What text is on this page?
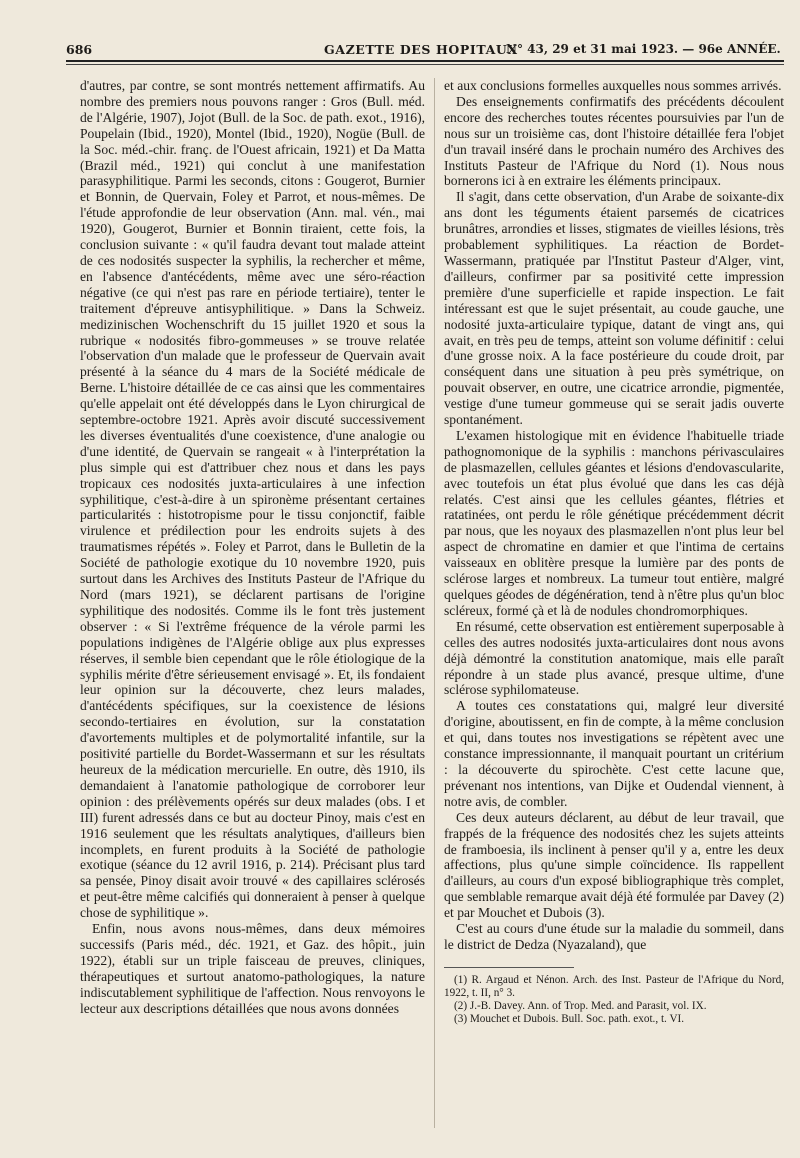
686	GAZETTE DES HOPITAUX
N° 43, 29 et 31 mai 1923. — 96e ANNÉE.

d'autres, par contre, se sont montrés nettement affirmatifs. Au nombre des premiers nous pouvons ranger : Gros (Bull. méd. de l'Algérie, 1907), Jojot (Bull. de la Soc. de path. exot., 1916), Poupelain (Ibid., 1920), Montel (Ibid., 1920), Nogüe (Bull. de la Soc. méd.-chir. franç. de l'Ouest africain, 1921) et Da Matta (Brazil méd., 1921) qui conclut à une manifestation parasyphilitique. Parmi les seconds, citons : Gougerot, Burnier et Bonnin, de Quervain, Foley et Parrot, et nous-mêmes. De l'étude approfondie de leur observation (Ann. mal. vén., mai 1920), Gougerot, Burnier et Bonnin tiraient, cette fois, la conclusion suivante : « qu'il faudra devant tout malade atteint de ces nodosités suspecter la syphilis, la rechercher et même, en l'absence d'antécédents, même avec une séro-réaction négative (ce qui n'est pas rare en période tertiaire), tenter le traitement d'épreuve antisyphilitique. » Dans la Schweiz. medizinischen Wochenschrift du 15 juillet 1920 et sous la rubrique « nodosités fibro-gommeuses » se trouve relatée l'observation d'un malade que le professeur de Quervain avait présenté à la séance du 4 mars de la Société médicale de Berne. L'histoire détaillée de ce cas ainsi que les commentaires qu'elle appelait ont été développés dans le Lyon chirurgical de septembre-octobre 1921. Après avoir discuté successivement les diverses éventualités d'une coexistence, d'une analogie ou d'une identité, de Quervain se rangeait « à l'interprétation la plus simple qui est d'attribuer chez nous et dans les pays tropicaux ces nodosités juxta-articulaires à une infection syphilitique, c'est-à-dire à un spironème présentant certaines particularités : histotropisme pour le tissu conjonctif, faible virulence et prédilection pour les endroits sujets à des traumatismes répétés ». Foley et Parrot, dans le Bulletin de la Société de pathologie exotique du 10 novembre 1920, puis surtout dans les Archives des Instituts Pasteur de l'Afrique du Nord (mars 1921), se déclarent partisans de l'origine syphilitique des nodosités. Comme ils le font très justement observer : « Si l'extrême fréquence de la vérole parmi les populations indigènes de l'Algérie oblige aux plus expresses réserves, il semble bien cependant que le rôle étiologique de la syphilis mérite d'être sérieusement envisagé ». Et, ils fondaient leur opinion sur la découverte, chez leurs malades, d'antécédents spécifiques, sur la coexistence de lésions secondo-tertiaires en évolution, sur la constatation d'avortements multiples et de polymortalité infantile, sur la positivité partielle du Bordet-Wassermann et sur les résultats heureux de la médication mercurielle. En outre, dès 1910, ils demandaient à l'anatomie pathologique de corroborer leur opinion : des prélèvements opérés sur deux malades (obs. I et III) furent adressés dans ce but au docteur Pinoy, mais c'est en 1916 seulement que les résultats analytiques, d'ailleurs bien incomplets, en furent produits à la Société de pathologie exotique (séance du 12 avril 1916, p. 214). Précisant plus tard sa pensée, Pinoy disait avoir trouvé « des capillaires sclérosés et peut-être même calcifiés qui donneraient à penser à quelque chose de syphilitique ».

Enfin, nous avons nous-mêmes, dans deux mémoires successifs (Paris méd., déc. 1921, et Gaz. des hôpit., juin 1922), établi sur un triple faisceau de preuves, cliniques, thérapeutiques et surtout anatomo-pathologiques, la nature indiscutablement syphilitique de l'affection. Nous renvoyons le lecteur aux descriptions détaillées que nous avons données

et aux conclusions formelles auxquelles nous sommes arrivés.

Des enseignements confirmatifs des précédents découlent encore des recherches toutes récentes poursuivies par l'un de nous sur un troisième cas, dont l'histoire détaillée fera l'objet d'un travail inséré dans le prochain numéro des Archives des Instituts Pasteur de l'Afrique du Nord (1). Nous nous bornerons ici à en extraire les éléments principaux.

Il s'agit, dans cette observation, d'un Arabe de soixante-dix ans dont les téguments étaient parsemés de cicatrices brunâtres, arrondies et lisses, stigmates de vieilles lésions, très probablement syphilitiques. La réaction de Bordet-Wassermann, pratiquée par l'Institut Pasteur d'Alger, vint, d'ailleurs, confirmer par sa positivité cette impression première d'une superficielle et rapide inspection. Le fait intéressant est que le sujet présentait, au coude gauche, une nodosité juxta-articulaire typique, datant de vingt ans, qui avait, en très peu de temps, atteint son volume définitif : celui d'une grosse noix. A la face postérieure du coude droit, par conséquent dans une situation à peu près symétrique, on pouvait observer, en outre, une cicatrice arrondie, pigmentée, vestige d'une tumeur gommeuse qui se serait jadis ouverte spontanément.

L'examen histologique mit en évidence l'habituelle triade pathognomonique de la syphilis : manchons périvasculaires de plasmazellen, cellules géantes et lésions d'endovascularite, avec toutefois un état plus évolué que dans les cas déjà relatés. C'est ainsi que les cellules géantes, flétries et ratatinées, ont perdu le rôle génétique précédemment décrit par nous, que les noyaux des plasmazellen n'ont plus leur bel aspect de chromatine en damier et que l'intima de certains vaisseaux en oblitère presque la lumière par des ponts de sclérose larges et nombreux. La tumeur tout entière, malgré quelques géodes de dégénération, tend à n'être plus qu'un bloc scléreux, formé çà et là de nodules chondromorphiques.

En résumé, cette observation est entièrement superposable à celles des autres nodosités juxta-articulaires dont nous avons déjà démontré la constitution anatomique, mais elle paraît répondre à un stade plus avancé, presque ultime, d'une sclérose syphilomateuse.

A toutes ces constatations qui, malgré leur diversité d'origine, aboutissent, en fin de compte, à la même conclusion et qui, dans toutes nos investigations se répètent avec une constance impressionnante, il manquait pourtant un critérium : la découverte du spirochète. C'est cette lacune que, prévenant nos intentions, van Dijke et Oudendal viennent, à notre avis, de combler.

Ces deux auteurs déclarent, au début de leur travail, que frappés de la fréquence des nodosités chez les sujets atteints de framboesia, ils inclinent à penser qu'il y a, entre les deux affections, plus qu'une simple coïncidence. Ils rappellent d'ailleurs, au cours d'un exposé bibliographique très complet, que semblable remarque avait déjà été formulée par Davey (2) et par Mouchet et Dubois (3).

C'est au cours d'une étude sur la maladie du sommeil, dans le district de Dedza (Nyazaland), que

(1) R. Argaud et Nénon. Arch. des Inst. Pasteur de l'Afrique du Nord, 1922, t. II, n° 3.

(2) J.-B. Davey. Ann. of Trop. Med. and Parasit, vol. IX.

(3) Mouchet et Dubois. Bull. Soc. path. exot., t. VI.
